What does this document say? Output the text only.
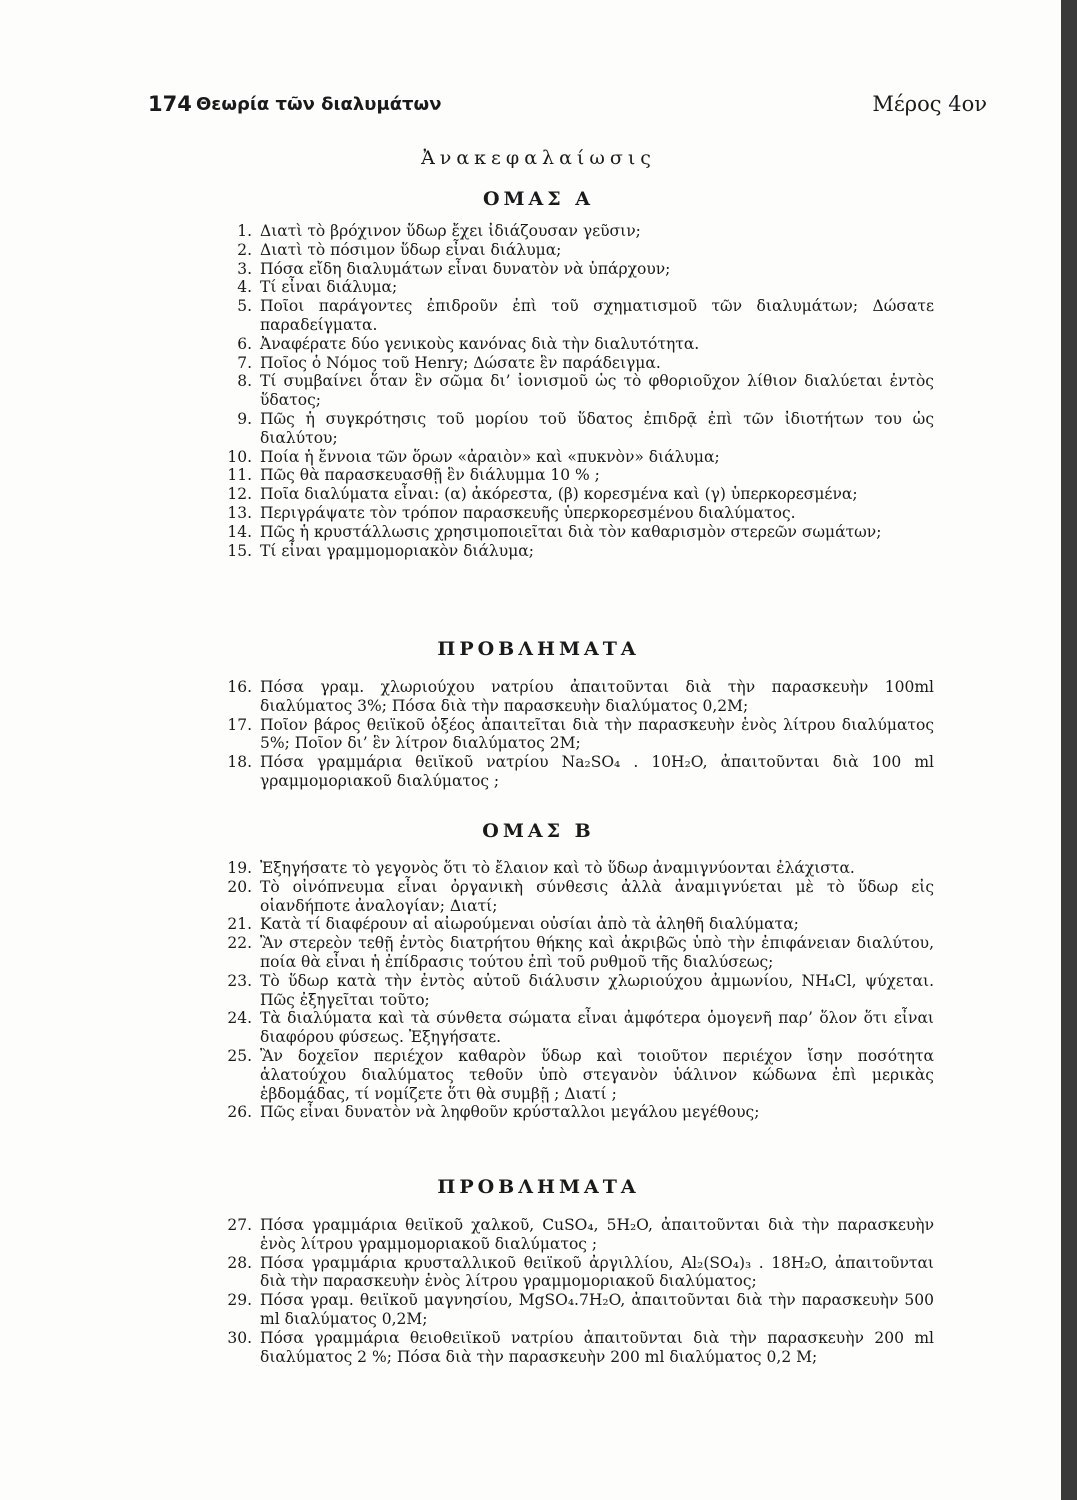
174 Θεωρία τῶν διαλυμάτων	Μέρος 4ον
Ἀνακεφαλαίωσις
ΟΜΑΣ Α
1. Διατὶ τὸ βρόχινον ὕδωρ ἔχει ἰδιάζουσαν γεῦσιν;
2. Διατὶ τὸ πόσιμον ὕδωρ εἶναι διάλυμα;
3. Πόσα εἴδη διαλυμάτων εἶναι δυνατὸν νὰ ὑπάρχουν;
4. Τί εἶναι διάλυμα;
5. Ποῖοι παράγοντες ἐπιδροῦν ἐπὶ τοῦ σχηματισμοῦ τῶν διαλυμάτων; Δώσατε παραδείγματα.
6. Ἀναφέρατε δύο γενικοὺς κανόνας διὰ τὴν διαλυτότητα.
7. Ποῖος ὁ Νόμος τοῦ Henry; Δώσατε ἓν παράδειγμα.
8. Τί συμβαίνει ὅταν ἓν σῶμα δι’ ἰονισμοῦ ὡς τὸ φθοριοῦχον λίθιον διαλύεται ἐντὸς ὕδατος;
9. Πῶς ἡ συγκρότησις τοῦ μορίου τοῦ ὕδατος ἐπιδρᾷ ἐπὶ τῶν ἰδιοτήτων του ὡς διαλύτου;
10. Ποία ἡ ἔννοια τῶν ὅρων «ἀραιὸν» καὶ «πυκνὸν» διάλυμα;
11. Πῶς θὰ παρασκευασθῇ ἓν διάλυμμα 10 % ;
12. Ποῖα διαλύματα εἶναι: (α) ἀκόρεστα, (β) κορεσμένα καὶ (γ) ὑπερκορεσμένα;
13. Περιγράψατε τὸν τρόπον παρασκευῆς ὑπερκορεσμένου διαλύματος.
14. Πῶς ἡ κρυστάλλωσις χρησιμοποιεῖται διὰ τὸν καθαρισμὸν στερεῶν σωμάτων;
15. Τί εἶναι γραμμομοριακὸν διάλυμα;
ΠΡΟΒΛΗΜΑΤΑ
16. Πόσα γραμ. χλωριούχου νατρίου ἀπαιτοῦνται διὰ τὴν παρασκευὴν 100ml διαλύματος 3%; Πόσα διὰ τὴν παρασκευὴν διαλύματος 0,2Μ;
17. Ποῖον βάρος θειϊκοῦ ὀξέος ἀπαιτεῖται διὰ τὴν παρασκευὴν ἑνὸς λίτρου διαλύματος 5%; Ποῖον δι’ ἓν λίτρον διαλύματος 2Μ;
18. Πόσα γραμμάρια θειϊκοῦ νατρίου Na₂SO₄ . 10H₂O, ἀπαιτοῦνται διὰ 100 ml γραμμομοριακοῦ διαλύματος ;
ΟΜΑΣ Β
19. Ἐξηγήσατε τὸ γεγονὸς ὅτι τὸ ἔλαιον καὶ τὸ ὕδωρ ἀναμιγνύονται ἐλάχιστα.
20. Τὸ οἰνόπνευμα εἶναι ὀργανικὴ σύνθεσις ἀλλὰ ἀναμιγνύεται μὲ τὸ ὕδωρ εἰς οἱανδήποτε ἀναλογίαν; Διατί;
21. Κατὰ τί διαφέρουν αἱ αἰωρούμεναι οὐσίαι ἀπὸ τὰ ἀληθῆ διαλύματα;
22. Ἂν στερεὸν τεθῇ ἐντὸς διατρήτου θήκης καὶ ἀκριβῶς ὑπὸ τὴν ἐπιφάνειαν διαλύτου, ποία θὰ εἶναι ἡ ἐπίδρασις τούτου ἐπὶ τοῦ ρυθμοῦ τῆς διαλύσεως;
23. Τὸ ὕδωρ κατὰ τὴν ἐντὸς αὐτοῦ διάλυσιν χλωριούχου ἀμμωνίου, NH₄Cl, ψύχεται. Πῶς ἐξηγεῖται τοῦτο;
24. Τὰ διαλύματα καὶ τὰ σύνθετα σώματα εἶναι ἀμφότερα ὁμογενῆ παρ’ ὅλον ὅτι εἶναι διαφόρου φύσεως. Ἐξηγήσατε.
25. Ἂν δοχεῖον περιέχον καθαρὸν ὕδωρ καὶ τοιοῦτον περιέχον ἴσην ποσότητα ἁλατούχου διαλύματος τεθοῦν ὑπὸ στεγανὸν ὑάλινον κώδωνα ἐπὶ μερικὰς ἑβδομάδας, τί νομίζετε ὅτι θὰ συμβῇ ; Διατί ;
26. Πῶς εἶναι δυνατὸν νὰ ληφθοῦν κρύσταλλοι μεγάλου μεγέθους;
ΠΡΟΒΛΗΜΑΤΑ
27. Πόσα γραμμάρια θειϊκοῦ χαλκοῦ, CuSO₄, 5H₂O, ἀπαιτοῦνται διὰ τὴν παρασκευὴν ἑνὸς λίτρου γραμμομοριακοῦ διαλύματος ;
28. Πόσα γραμμάρια κρυσταλλικοῦ θειϊκοῦ ἀργιλλίου, Al₂(SO₄)₃ . 18H₂O, ἀπαιτοῦνται διὰ τὴν παρασκευὴν ἑνὸς λίτρου γραμμομοριακοῦ διαλύματος;
29. Πόσα γραμ. θειϊκοῦ μαγνησίου, MgSO₄.7H₂O, ἀπαιτοῦνται διὰ τὴν παρασκευὴν 500 ml διαλύματος 0,2Μ;
30. Πόσα γραμμάρια θειοθειϊκοῦ νατρίου ἀπαιτοῦνται διὰ τὴν παρασκευὴν 200 ml διαλύματος 2 %; Πόσα διὰ τὴν παρασκευὴν 200 ml διαλύματος 0,2 Μ;
